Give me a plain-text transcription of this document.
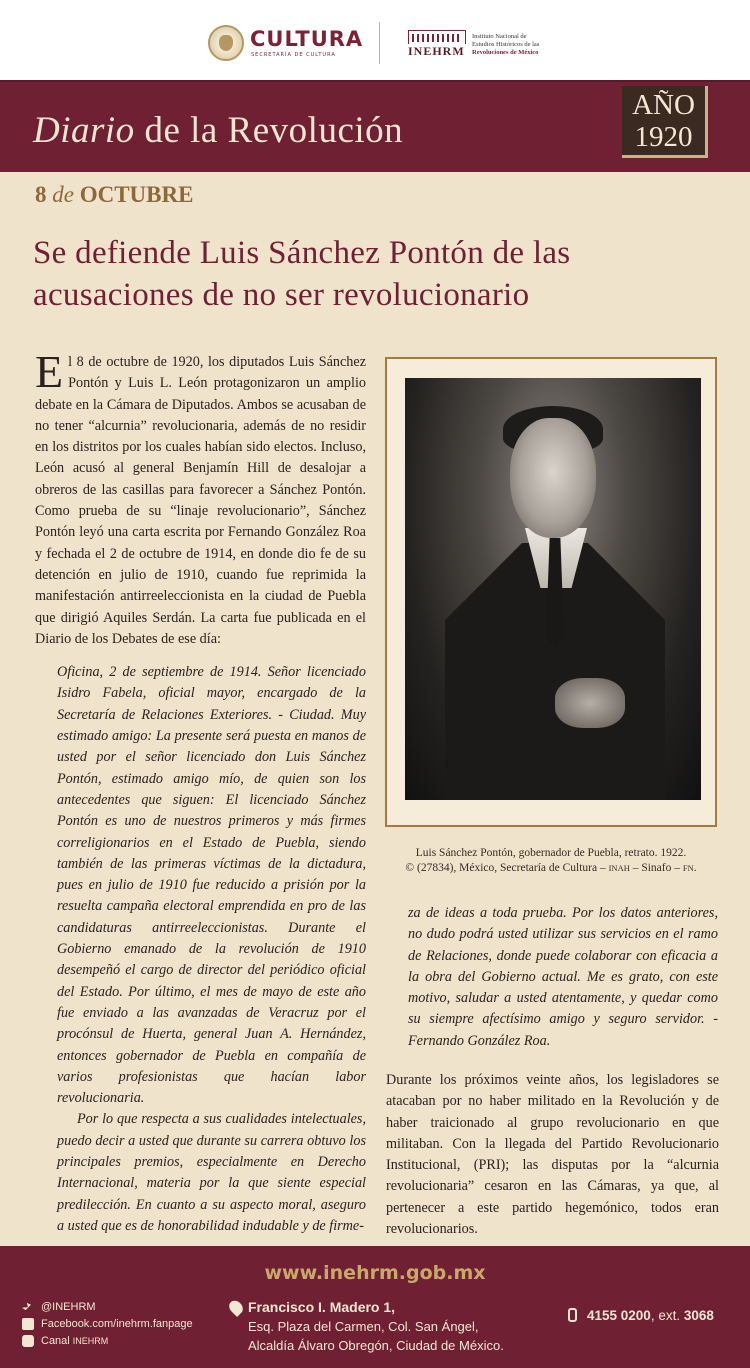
CULTURA
SECRETARÍA DE CULTURA	INEHRM
Instituto Nacional de
Estudios Históricos de las
Revoluciones de México
Diario de la Revolución
AÑO
1920
8 de OCTUBRE
Se defiende Luis Sánchez Pontón de las acusaciones de no ser revolucionario

El 8 de octubre de 1920, los diputados Luis Sánchez Pontón y Luis L. León protagonizaron un amplio debate en la Cámara de Diputados. Ambos se acusaban de no tener “alcurnia” revolucionaria, además de no residir en los distritos por los cuales habían sido electos. Incluso, León acusó al general Benjamín Hill de desalojar a obreros de las casillas para favorecer a Sánchez Pontón. Como prueba de su “linaje revolucionario”, Sánchez Pontón leyó una carta escrita por Fernando González Roa y fechada el 2 de octubre de 1914, en donde dio fe de su detención en julio de 1910, cuando fue reprimida la manifestación antirreeleccionista en la ciudad de Puebla que dirigió Aquiles Serdán. La carta fue publicada en el Diario de los Debates de ese día:

Oficina, 2 de septiembre de 1914. Señor licenciado Isidro Fabela, oficial mayor, encargado de la Secretaría de Relaciones Exteriores. - Ciudad. Muy estimado amigo: La presente será puesta en manos de usted por el señor licenciado don Luis Sánchez Pontón, estimado amigo mío, de quien son los antecedentes que siguen: El licenciado Sánchez Pontón es uno de nuestros primeros y más firmes correligionarios en el Estado de Puebla, siendo también de las primeras víctimas de la dictadura, pues en julio de 1910 fue reducido a prisión por la resuelta campaña electoral emprendida en pro de las candidaturas antirreeleccionistas. Durante el Gobierno emanado de la revolución de 1910 desempeñó el cargo de director del periódico oficial del Estado. Por último, el mes de mayo de este año fue enviado a las avanzadas de Veracruz por el procónsul de Huerta, general Juan A. Hernández, entonces gobernador de Puebla en compañía de varios profesionistas que hacían labor revolucionaria.

Por lo que respecta a sus cualidades intelectuales, puedo decir a usted que durante su carrera obtuvo los principales premios, especialmente en Derecho Internacional, materia por la que siente especial predilección. En cuanto a su aspecto moral, aseguro a usted que es de honorabilidad indudable y de firme-

Luis Sánchez Pontón, gobernador de Puebla, retrato. 1922.
© (27834), México, Secretaría de Cultura – INAH – Sinafo – FN.
za de ideas a toda prueba. Por los datos anteriores, no dudo podrá usted utilizar sus servicios en el ramo de Relaciones, donde puede colaborar con eficacia a la obra del Gobierno actual. Me es grato, con este motivo, saludar a usted atentamente, y quedar como su siempre afectísimo amigo y seguro servidor. - Fernando González Roa.
Durante los próximos veinte años, los legisladores se atacaban por no haber militado en la Revolución y de haber traicionado al grupo revolucionario en que militaban. Con la llegada del Partido Revolucionario Institucional, (PRI); las disputas por la “alcurnia revolucionaria” cesaron en las Cámaras, ya que, al pertenecer a este partido hegemónico, todos eran revolucionarios.
www.inehrm.gob.mx
@INEHRM
Facebook.com/inehrm.fanpage
Canal INEHRM
Francisco I. Madero 1,
Esq. Plaza del Carmen, Col. San Ángel,
Alcaldía Álvaro Obregón, Ciudad de México.
4155 0200, ext. 3068
